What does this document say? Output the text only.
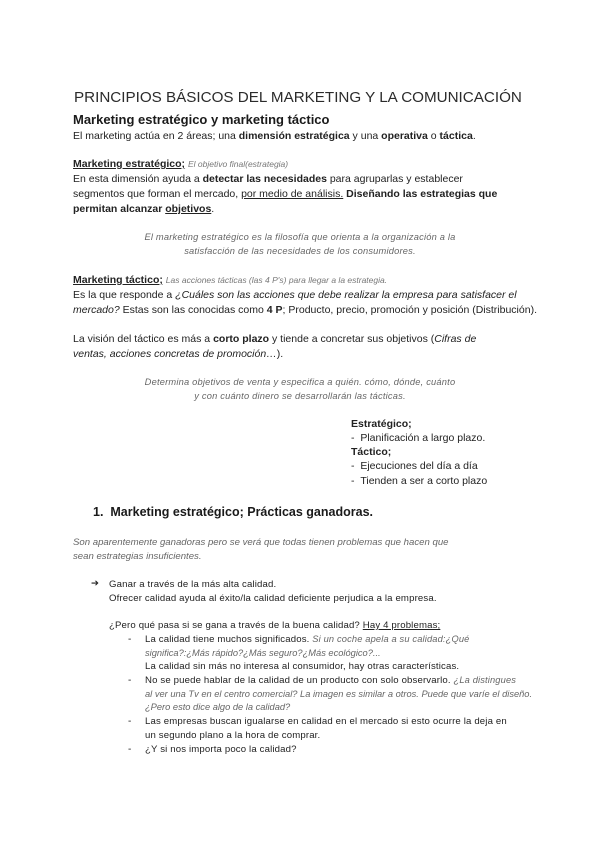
PRINCIPIOS BÁSICOS DEL MARKETING Y LA COMUNICACIÓN
Marketing estratégico y marketing táctico
El marketing actúa en 2 áreas; una dimensión estratégica y una operativa o táctica.
Marketing estratégico; El objetivo final(estrategia)
En esta dimensión ayuda a detectar las necesidades para agruparlas y establecer
segmentos que forman el mercado, por medio de análisis. Diseñando las estrategias que
permitan alcanzar objetivos.
El marketing estratégico es la filosofía que orienta a la organización a la
satisfacción de las necesidades de los consumidores.
Marketing táctico; Las acciones tácticas (las 4 P's) para llegar a la estrategia.
Es la que responde a ¿Cuáles son las acciones que debe realizar la empresa para satisfacer el
mercado? Estas son las conocidas como 4 P; Producto, precio, promoción y posición (Distribución).
La visión del táctico es más a corto plazo y tiende a concretar sus objetivos (Cifras de
ventas, acciones concretas de promoción…).
Determina objetivos de venta y especifica a quién. cómo, dónde, cuánto
y con cuánto dinero se desarrollarán las tácticas.
Estratégico;
-  Planificación a largo plazo.
Táctico;
-  Ejecuciones del día a día
-  Tienden a ser a corto plazo
1. Marketing estratégico; Prácticas ganadoras.
Son aparentemente ganadoras pero se verá que todas tienen problemas que hacen que
sean estrategias insuficientes.
➔ Ganar a través de la más alta calidad.
Ofrecer calidad ayuda al éxito/la calidad deficiente perjudica a la empresa.
¿Pero qué pasa si se gana a través de la buena calidad? Hay 4 problemas;
- La calidad tiene muchos significados. Si un coche apela a su calidad:¿Qué
significa?:¿Más rápido?¿Más seguro?¿Más ecológico?...
La calidad sin más no interesa al consumidor, hay otras características.
- No se puede hablar de la calidad de un producto con solo observarlo. ¿La distingues
al ver una Tv en el centro comercial? La imagen es similar a otros. Puede que varíe el diseño.
¿Pero esto dice algo de la calidad?
- Las empresas buscan igualarse en calidad en el mercado si esto ocurre la deja en
un segundo plano a la hora de comprar.
- ¿Y si nos importa poco la calidad?
